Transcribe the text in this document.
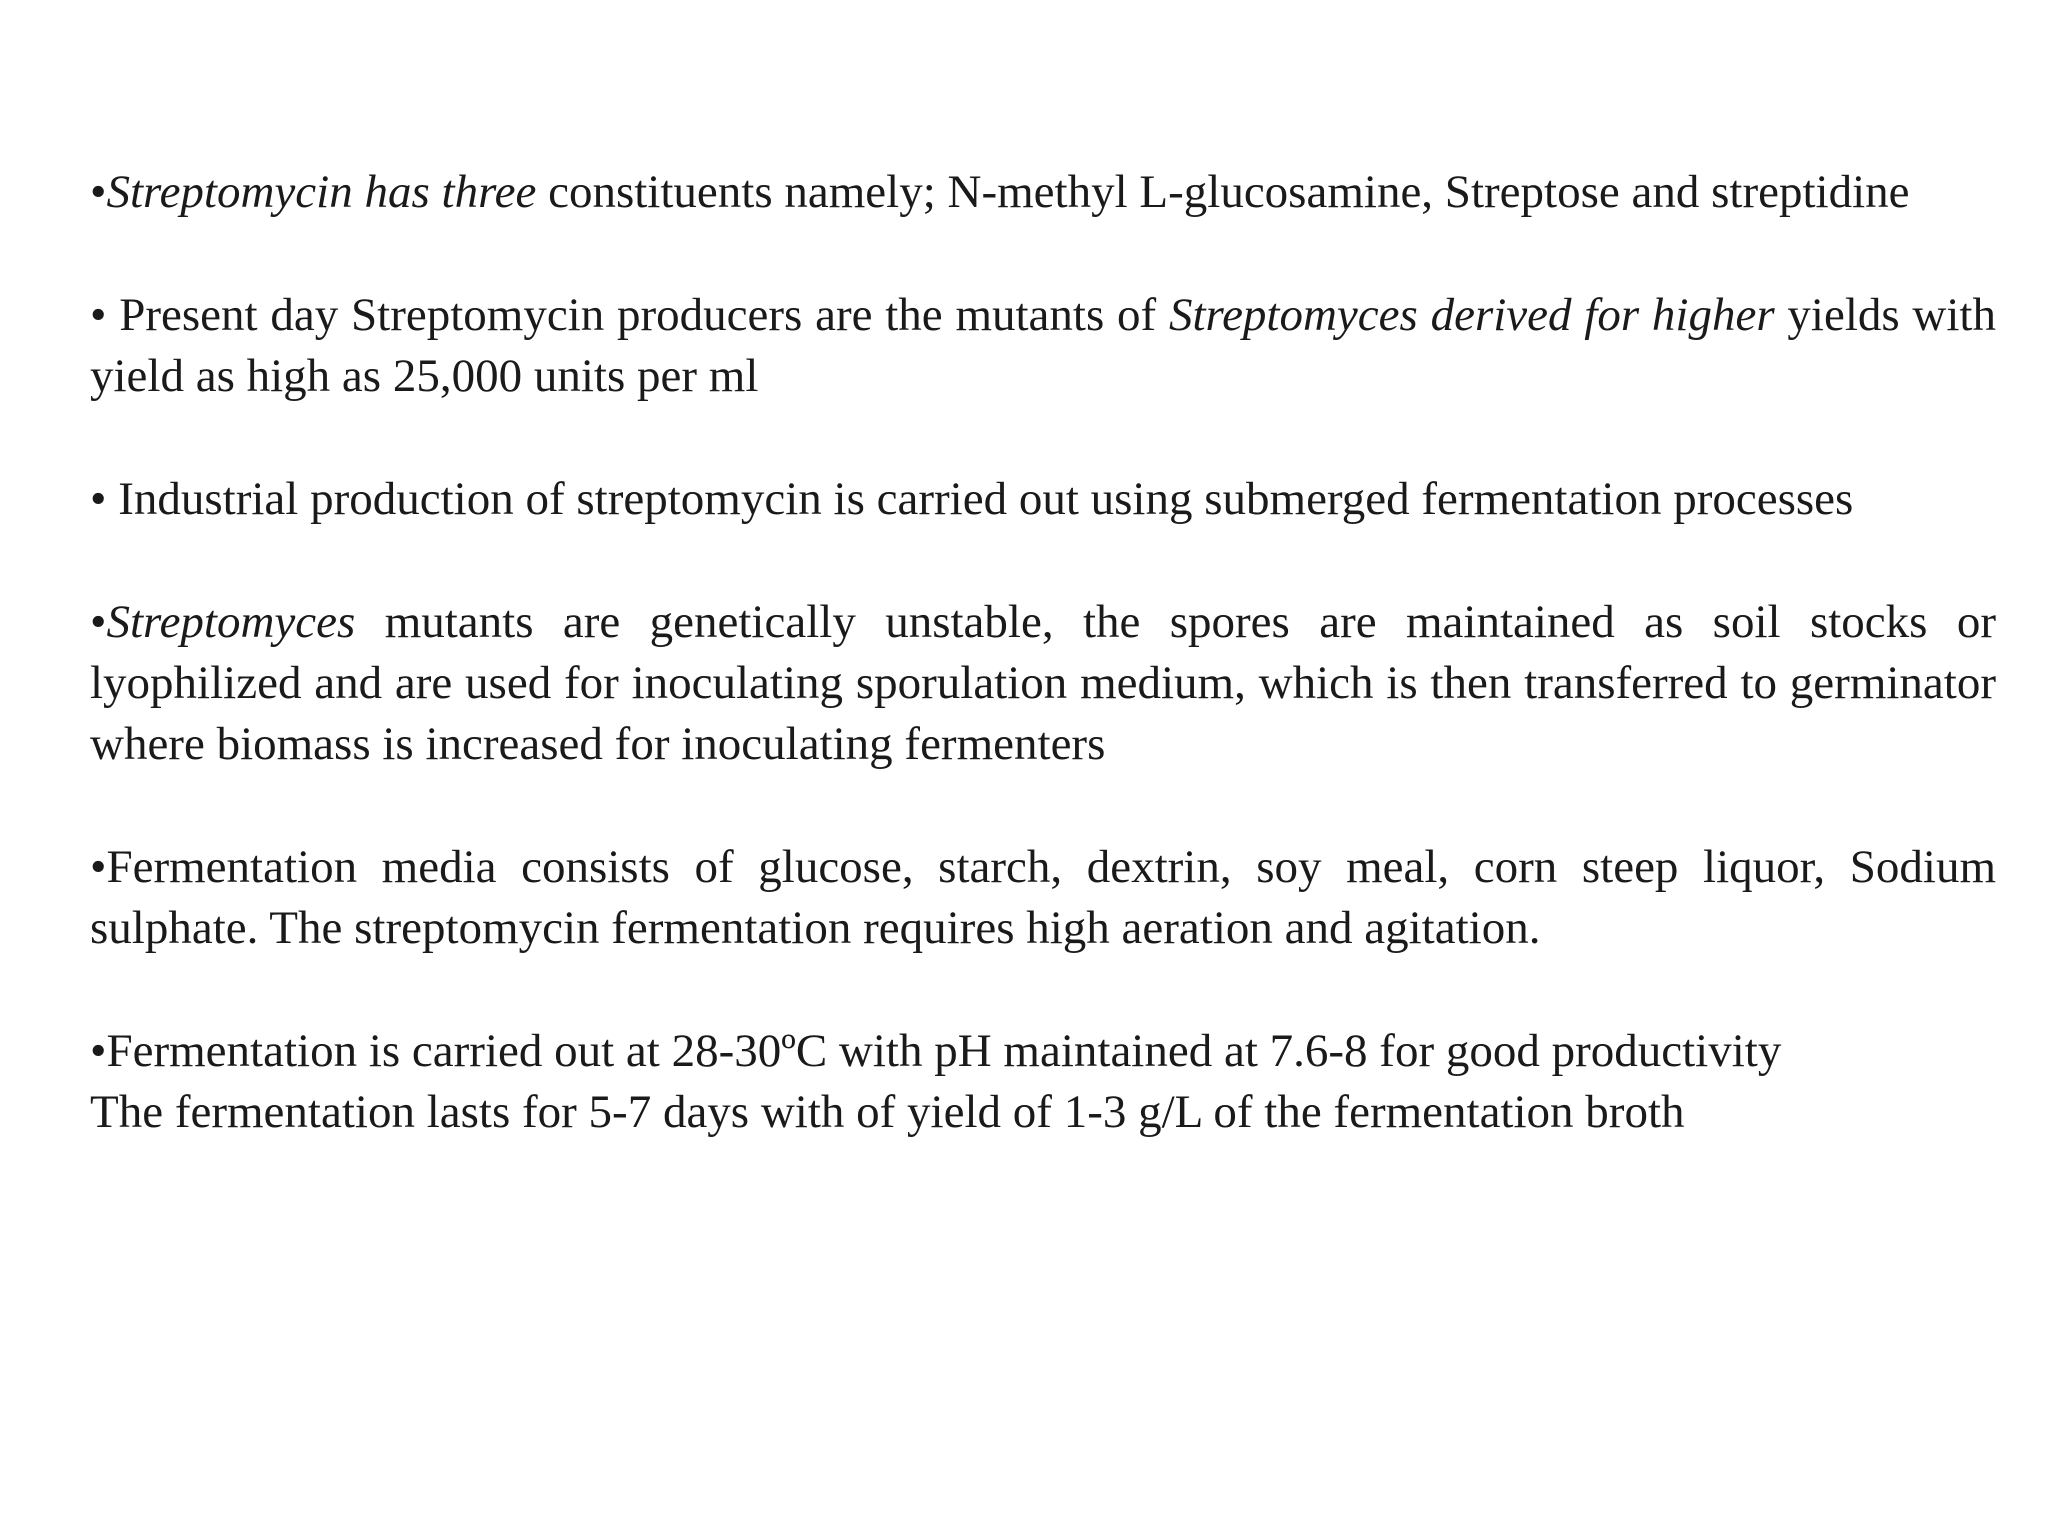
•Streptomycin has three constituents namely; N-methyl L-glucosamine, Streptose and streptidine

• Present day Streptomycin producers are the mutants of Streptomyces derived for higher yields with yield as high as 25,000 units per ml

• Industrial production of streptomycin is carried out using submerged fermentation processes

•Streptomyces mutants are genetically unstable, the spores are maintained as soil stocks or lyophilized and are used for inoculating sporulation medium, which is then transferred to germinator where biomass is increased for inoculating fermenters

•Fermentation media consists of glucose, starch, dextrin, soy meal, corn steep liquor, Sodium sulphate. The streptomycin fermentation requires high aeration and agitation.

•Fermentation is carried out at 28-30ºC with pH maintained at 7.6-8 for good productivity
The fermentation lasts for 5-7 days with of yield of 1-3 g/L of the fermentation broth
